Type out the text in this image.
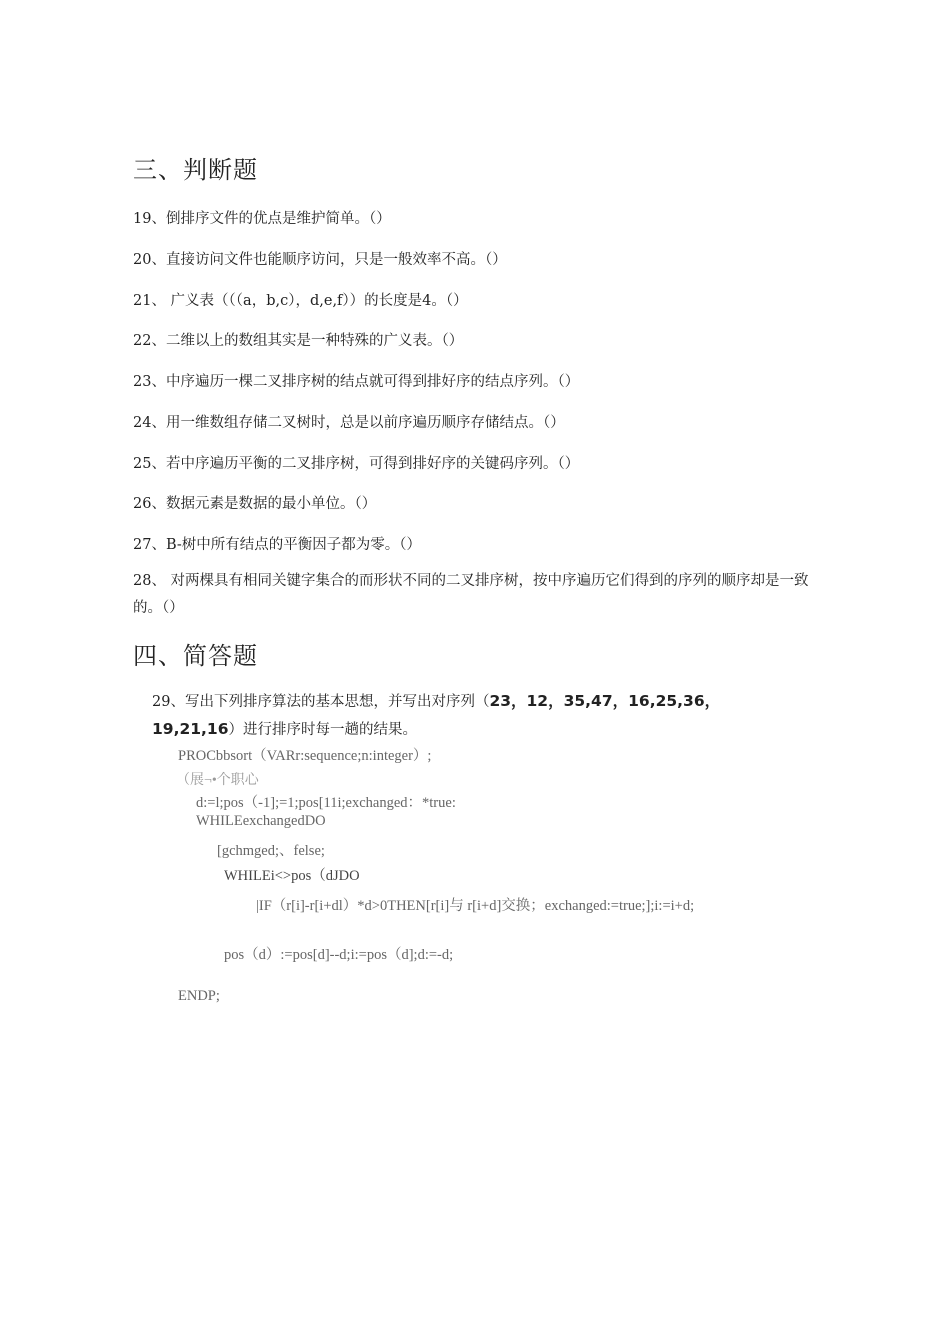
三、判断题
19、倒排序文件的优点是维护简单。（）
20、直接访问文件也能顺序访问，只是一般效率不高。（）
21、 广义表（（（a，b,c），d,e,f））的长度是4。（）
22、二维以上的数组其实是一种特殊的广义表。（）
23、中序遍历一棵二叉排序树的结点就可得到排好序的结点序列。（）
24、用一维数组存储二叉树时，总是以前序遍历顺序存储结点。（）
25、若中序遍历平衡的二叉排序树，可得到排好序的关键码序列。（）
26、数据元素是数据的最小单位。（）
27、B-树中所有结点的平衡因子都为零。（）
28、 对两棵具有相同关键字集合的而形状不同的二叉排序树，按中序遍历它们得到的序列的顺序却是一致的。（）
四、简答题
29、写出下列排序算法的基本思想，并写出对序列（23，12，35,47，16,25,36，19,21,16）进行排序时每一趟的结果。
PROCbbsort（VARr:sequence;n:integer）;
（展¬•个职心
d:=l;pos（-1];=1;pos[11i;exchanged：*true:
WHILEexchangedDO
[gchmged;、felse;
WHILEi<>pos（dJDO
|IF（r[i]-r[i+dl）*d>0THEN[r[i]与 r[i+d]交换；exchanged:=true;];i:=i+d;
pos（d）:=pos[d]--d;i:=pos（d];d:=-d;
ENDP;
